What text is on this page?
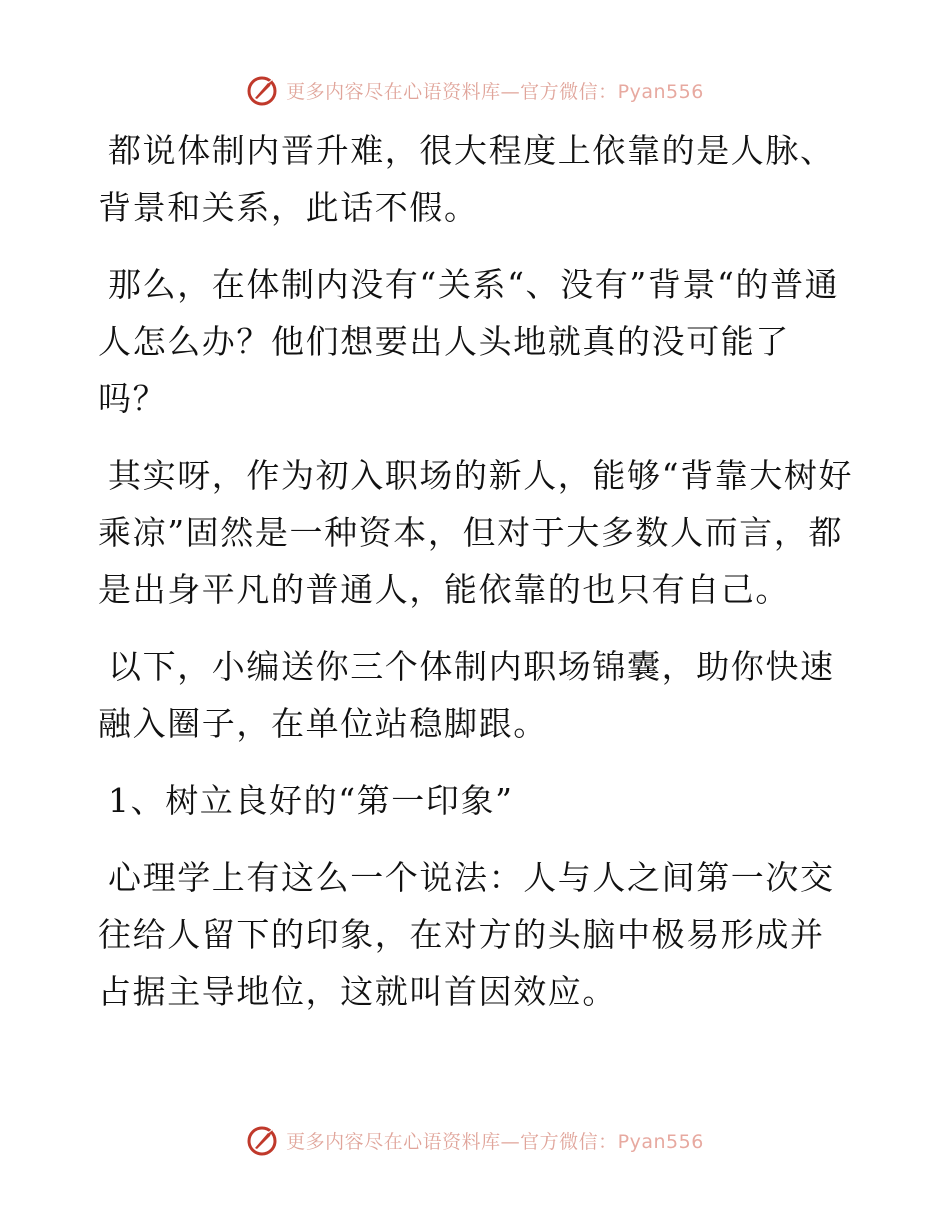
更多内容尽在心语资料库—官方微信：Pyan556

都说体制内晋升难，很大程度上依靠的是人脉、背景和关系，此话不假。

那么，在体制内没有“关系“、没有”背景“的普通人怎么办？他们想要出人头地就真的没可能了吗？

其实呀，作为初入职场的新人，能够“背靠大树好乘凉”固然是一种资本，但对于大多数人而言，都是出身平凡的普通人，能依靠的也只有自己。

以下，小编送你三个体制内职场锦囊，助你快速融入圈子，在单位站稳脚跟。

1、树立良好的“第一印象”

心理学上有这么一个说法：人与人之间第一次交往给人留下的印象，在对方的头脑中极易形成并占据主导地位，这就叫首因效应。

更多内容尽在心语资料库—官方微信：Pyan556
